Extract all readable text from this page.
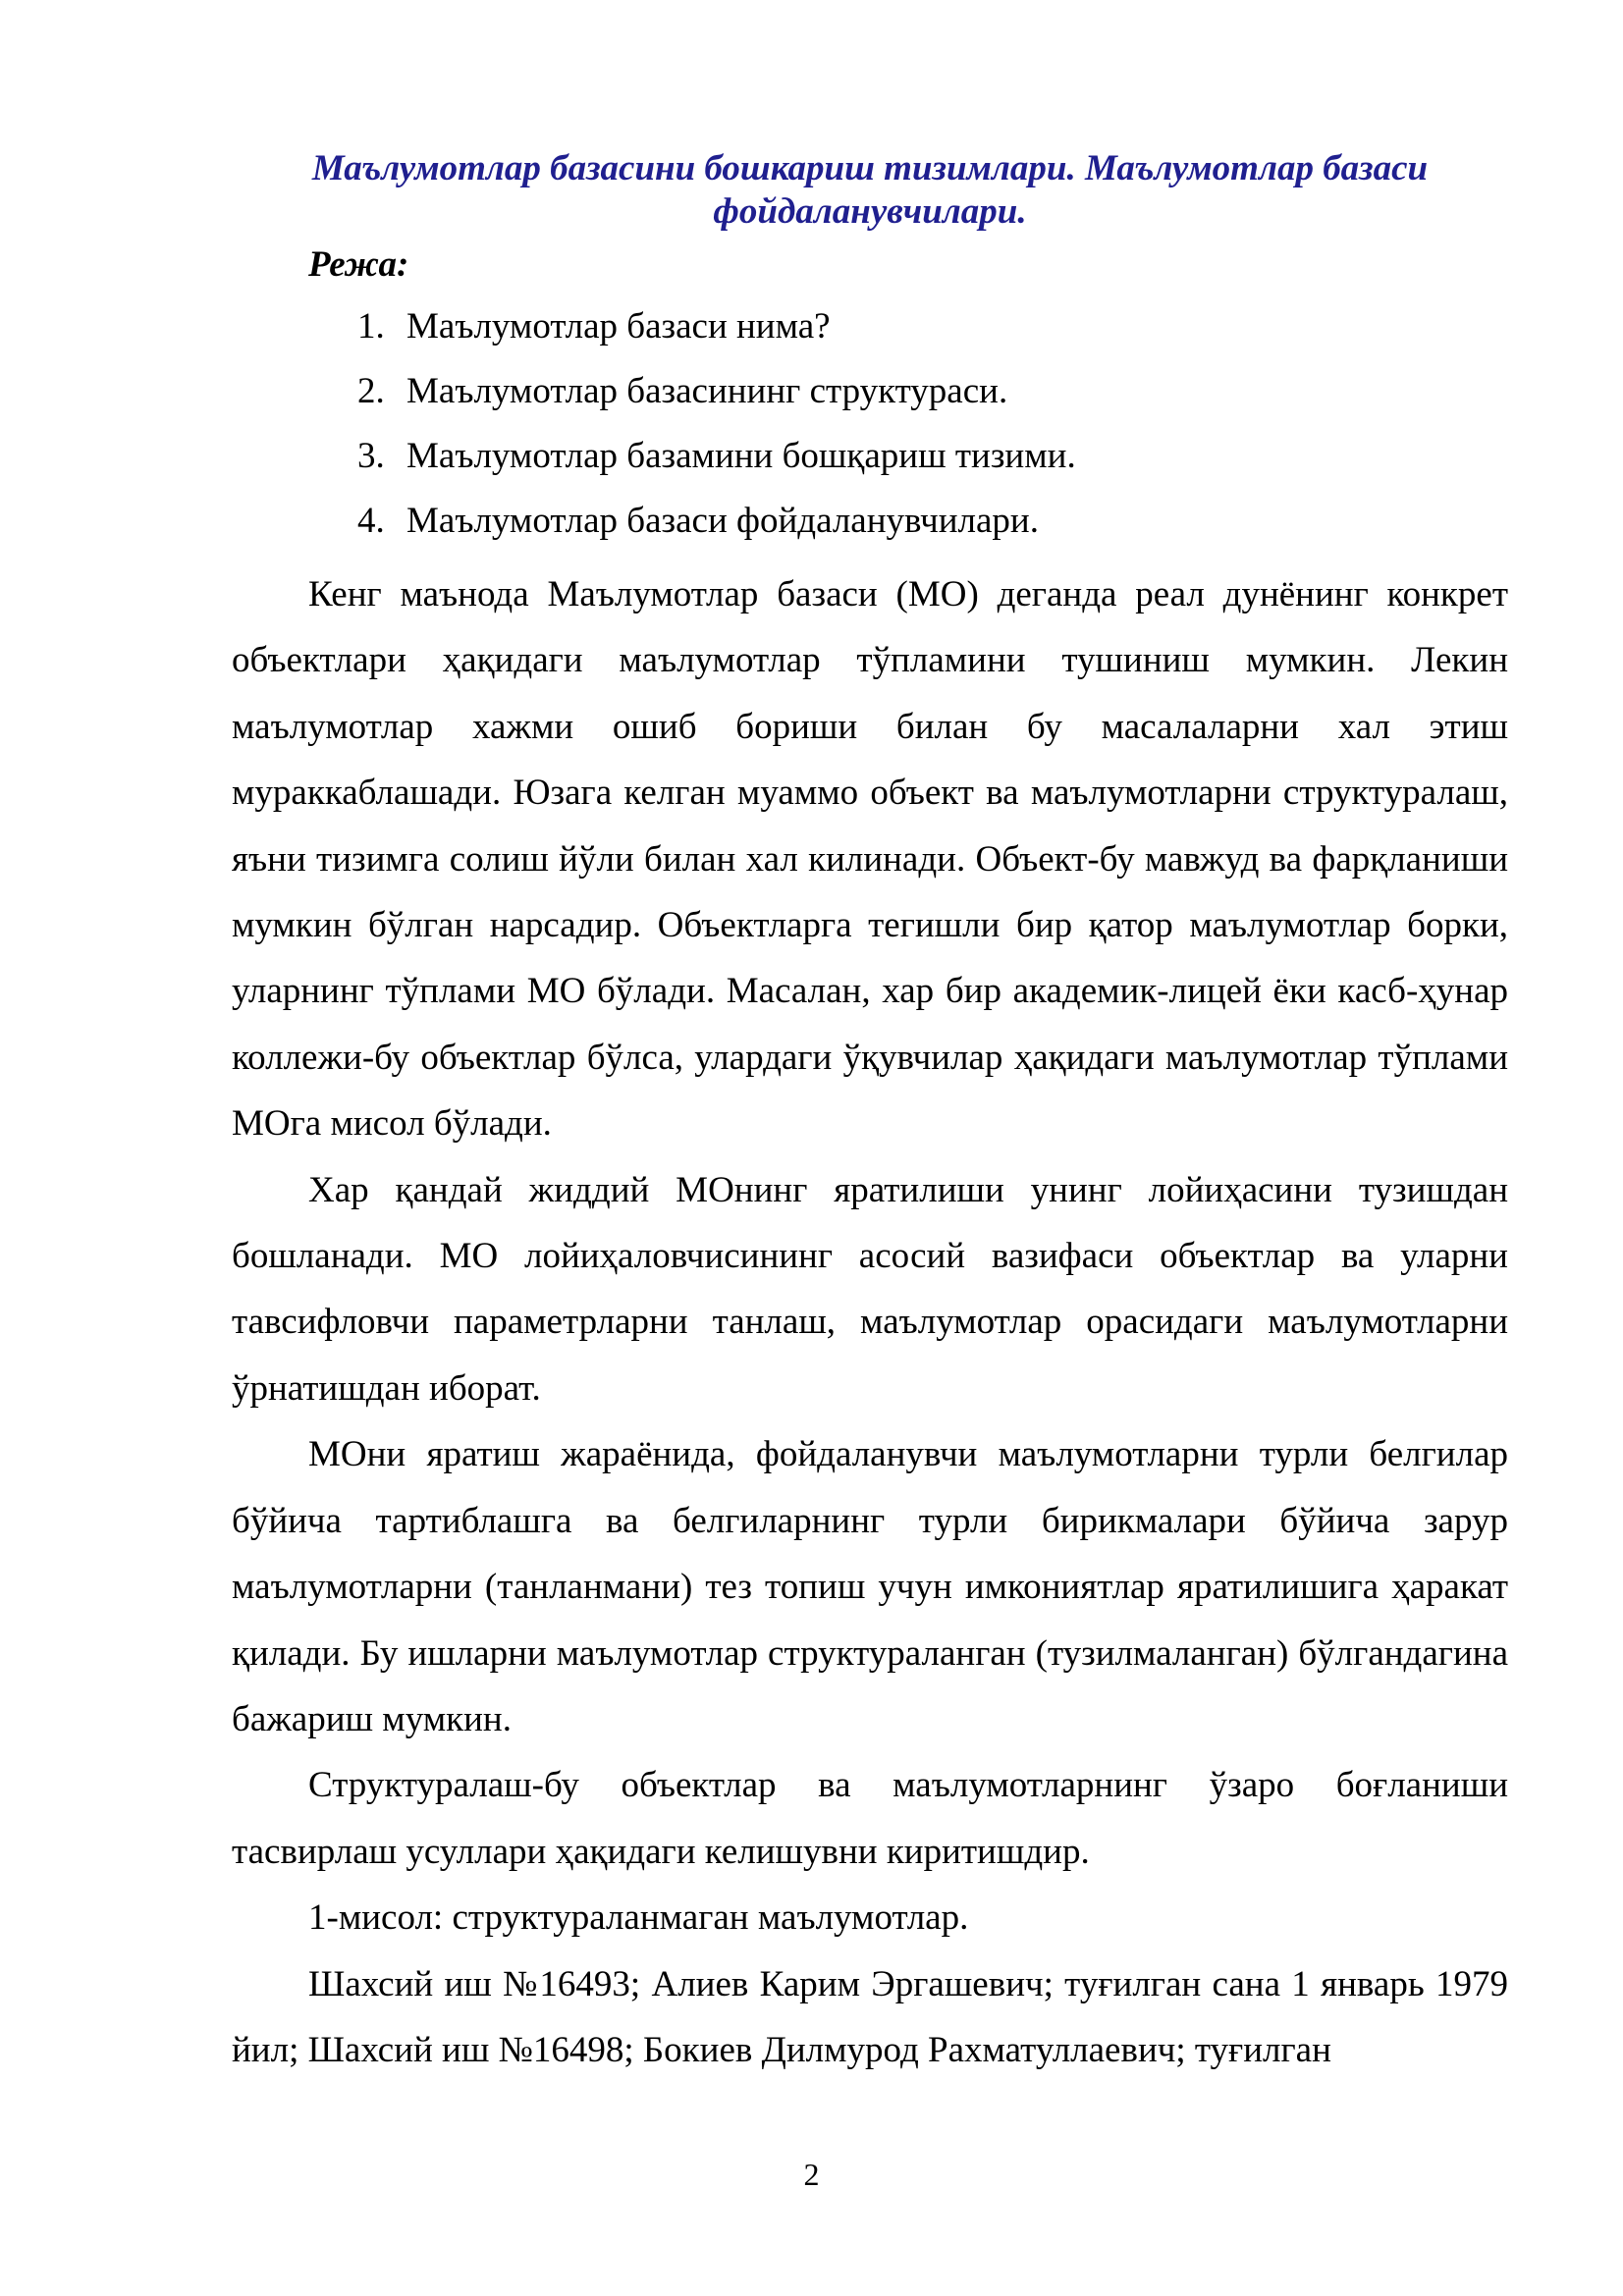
Маълумотлар базасини бошкариш тизимлари. Маълумотлар базаси фойдаланувчилари.
Режа:
1. Маълумотлар базаси нима?
2. Маълумотлар базасининг структураси.
3. Маълумотлар базамини бошқариш тизими.
4. Маълумотлар базаси фойдаланувчилари.

Кенг маънода Маълумотлар базаси (МО) деганда реал дунёнинг конкрет объектлари ҳақидаги маълумотлар тўпламини тушиниш мумкин. Лекин маълумотлар хажми ошиб бориши билан бу масалаларни хал этиш мураккаблашади. Юзага келган муаммо объект ва маълумотларни структуралаш, яъни тизимга солиш йўли билан хал килинади. Объект-бу мавжуд ва фарқланиши мумкин бўлган нарсадир. Объектларга тегишли бир қатор маълумотлар борки, уларнинг тўплами МО бўлади. Масалан, хар бир академик-лицей ёки касб-ҳунар коллежи-бу объектлар бўлса, улардаги ўқувчилар ҳақидаги маълумотлар тўплами МОга мисол бўлади.

Хар қандай жиддий МОнинг яратилиши унинг лойиҳасини тузишдан бошланади. МО лойиҳаловчисининг асосий вазифаси объектлар ва уларни тавсифловчи параметрларни танлаш, маълумотлар орасидаги маълумотларни ўрнатишдан иборат.

МОни яратиш жараёнида, фойдаланувчи маълумотларни турли белгилар бўйича тартиблашга ва белгиларнинг турли бирикмалари бўйича зарур маълумотларни (танланмани) тез топиш учун имкониятлар яратилишига ҳаракат қилади. Бу ишларни маълумотлар структураланган (тузилмаланган) бўлгандагина бажариш мумкин.

Структуралаш-бу объектлар ва маълумотларнинг ўзаро боғланиши тасвирлаш усуллари ҳақидаги келишувни киритишдир.

1-мисол: структураланмаган маълумотлар.

Шахсий иш №16493; Алиев Карим Эргашевич; туғилган сана 1 январь 1979 йил; Шахсий иш №16498; Бокиев Дилмурод Рахматуллаевич; туғилган

2
